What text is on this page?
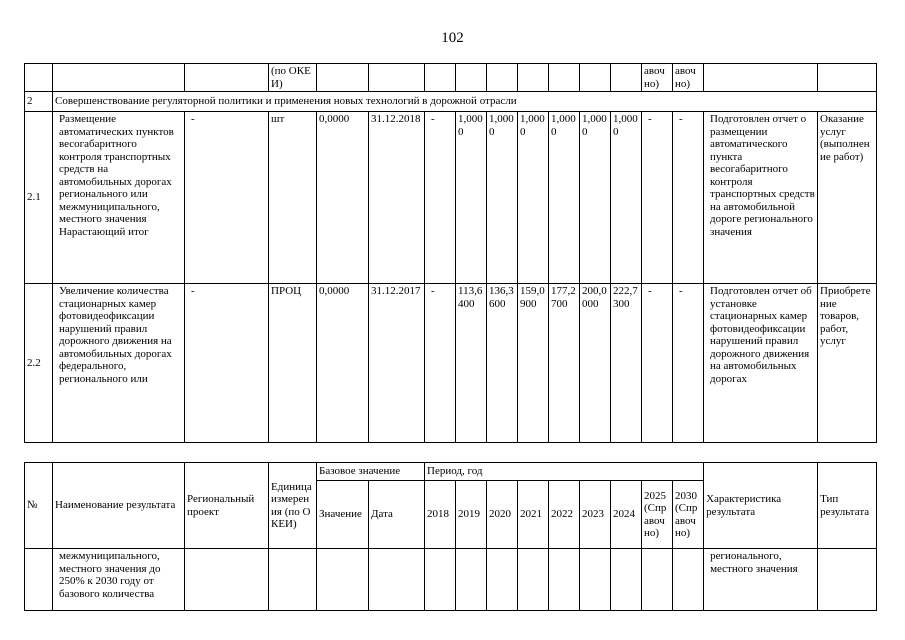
102
			(по ОКЕИ)										авоч но)	авоч но)		
2	Совершенствование регуляторной политики и применения новых технологий в дорожной отрасли															
2.1	Размещение автоматических пунктов весогабаритного контроля транспортных средств на автомобильных дорогах регионального или межмуниципального, местного значения Нарастающий итог	-	шт	0,0000	31.12.2018	-	1,0000	1,0000	1,0000	1,0000	1,0000	1,0000	-	-	Подготовлен отчет о размещении автоматического пункта весогабаритного контроля транспортных средств на автомобильной дороге регионального значения	Оказание услуг (выполнение работ)
2.2	Увеличение количества стационарных камер фотовидеофиксации нарушений правил дорожного движения на автомобильных дорогах федерального, регионального или	-	ПРОЦ	0,0000	31.12.2017	-	113,6400	136,3600	159,0900	177,2700	200,0000	222,7300	-	-	Подготовлен отчет об установке стационарных камер фотовидеофиксации нарушений правил дорожного движения на автомобильных дорогах	Приобретение товаров, работ, услуг
№	Наименование результата	Региональный проект	Единица измерения (по ОКЕИ)	Базовое значение		Период, год									Характеристика результата	Тип результата
				Значение	Дата	2018	2019	2020	2021	2022	2023	2024	2025 (Справочно)	2030 (Справочно)		
	межмуниципального, местного значения до 250% к 2030 году от базового количества														регионального, местного значения	
